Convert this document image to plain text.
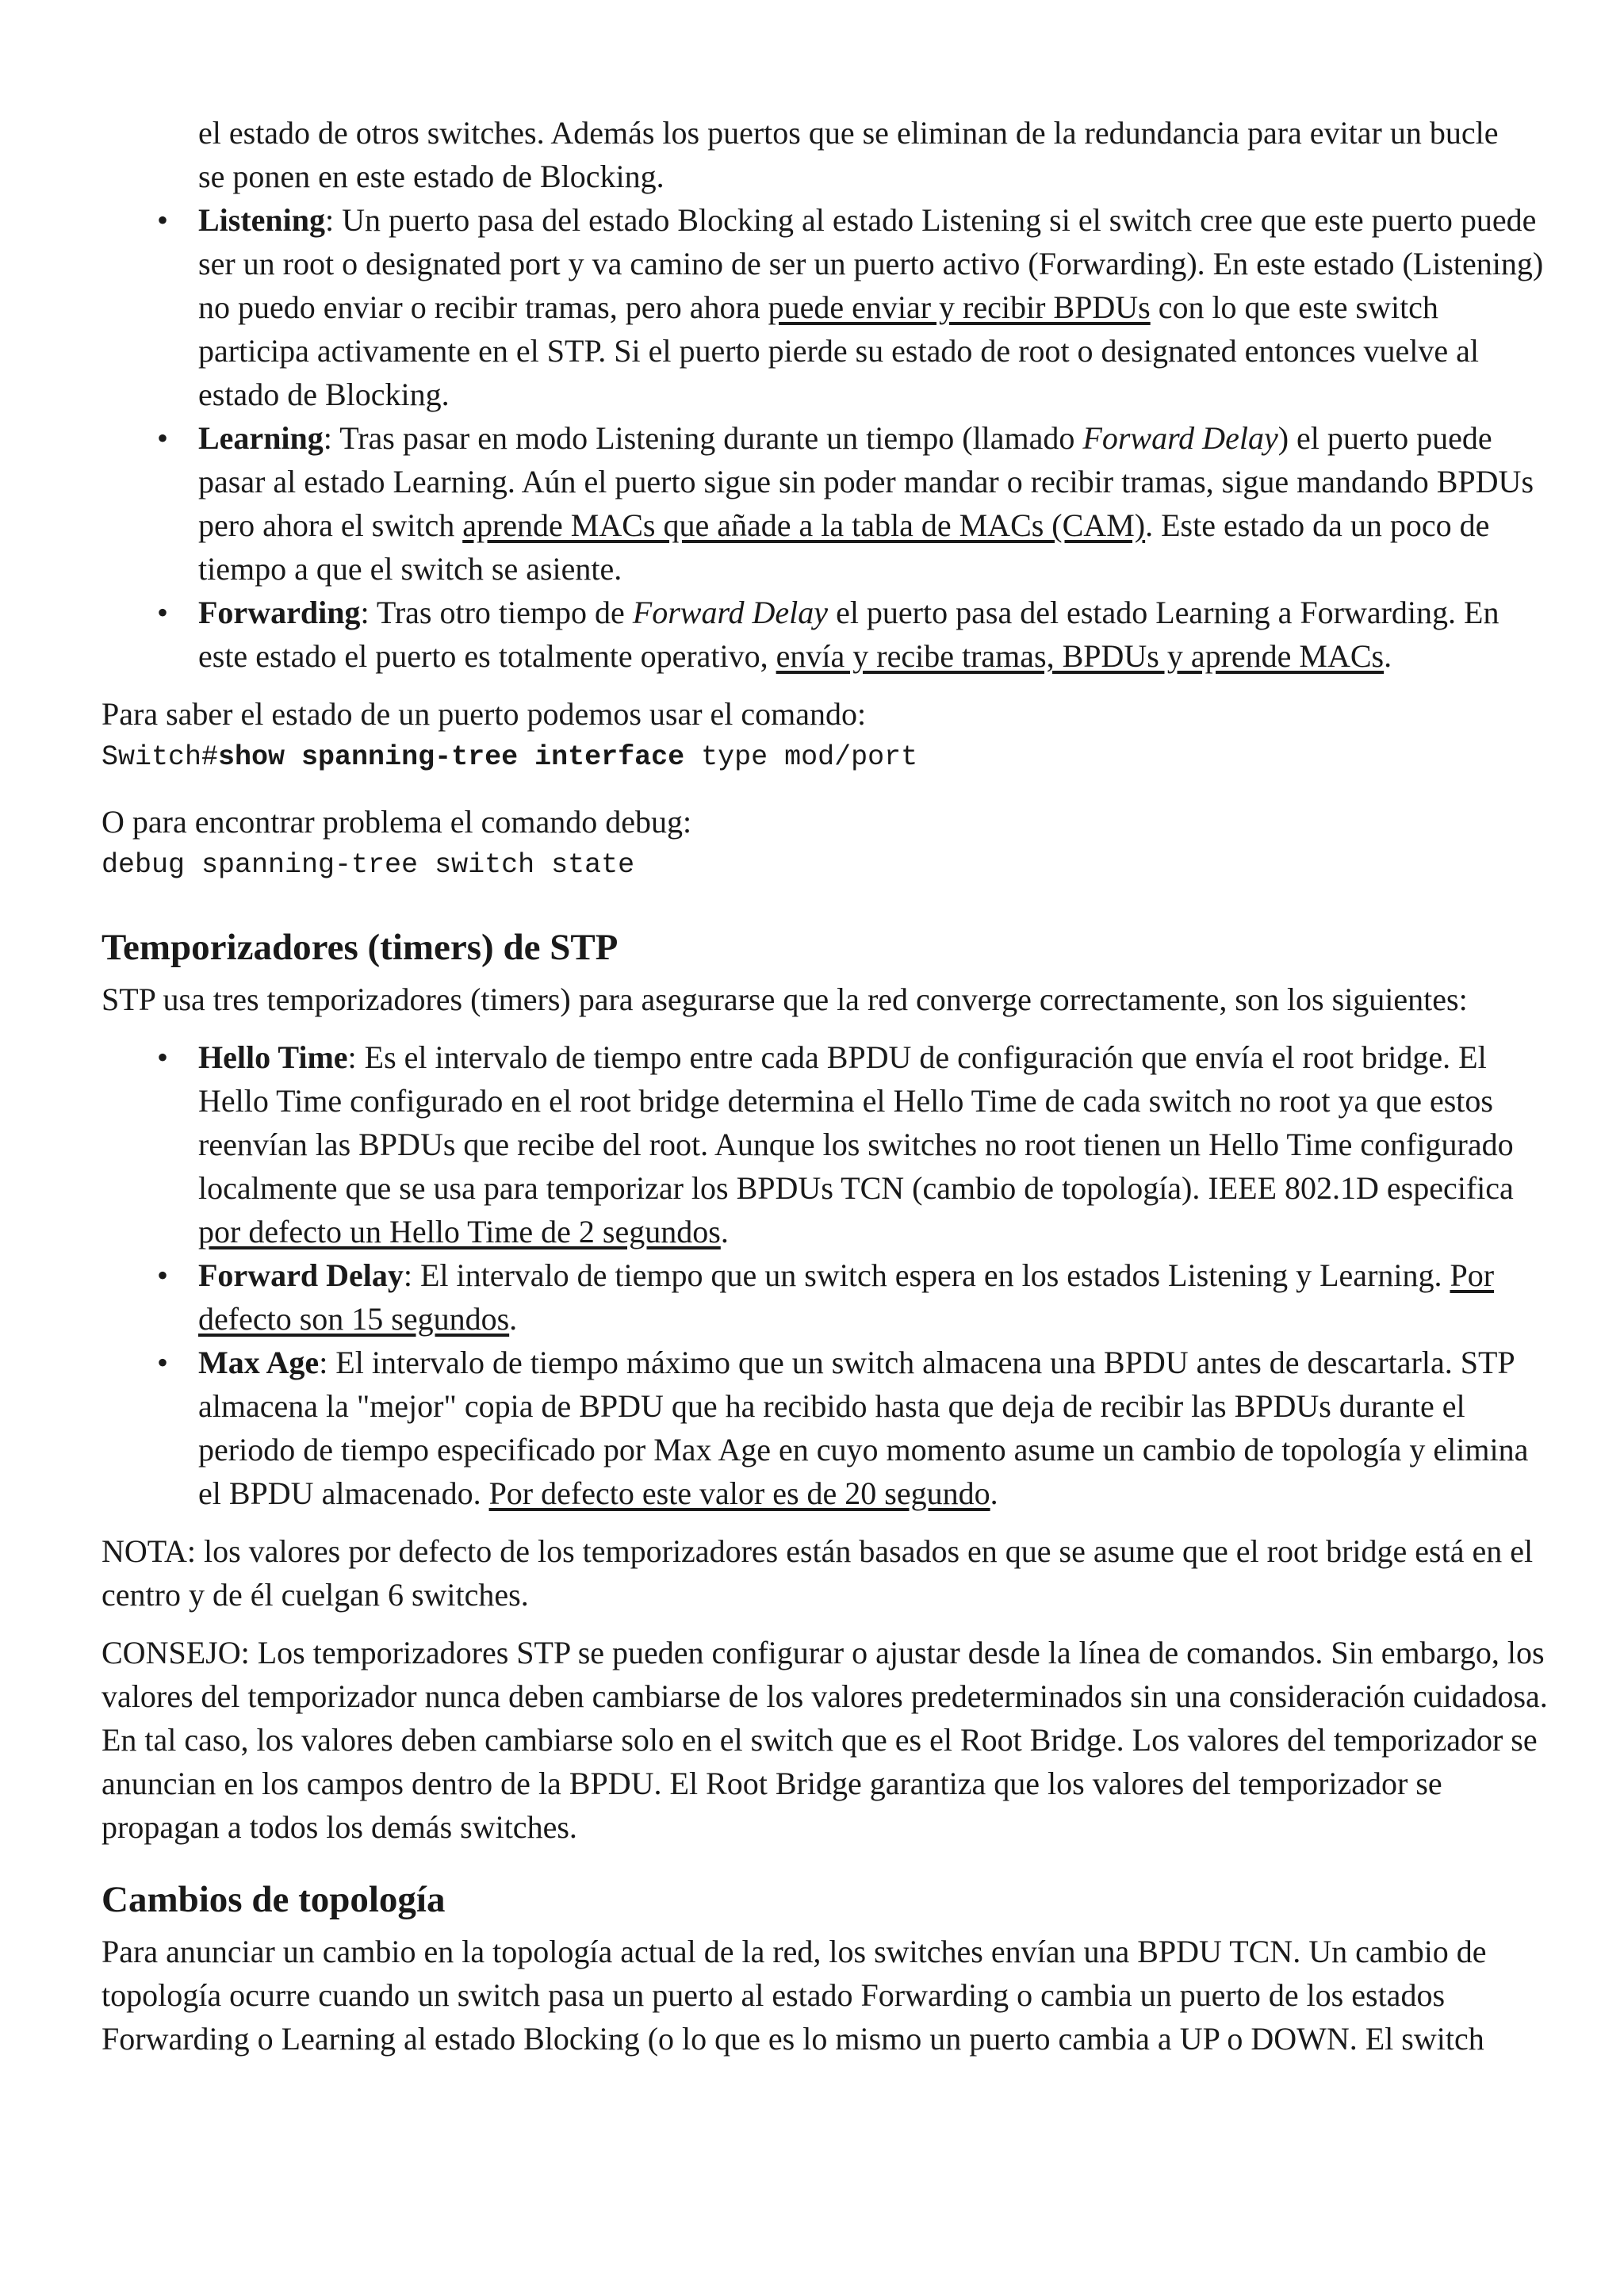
el estado de otros switches. Además los puertos que se eliminan de la redundancia para evitar un bucle
se ponen en este estado de Blocking.

• Listening: Un puerto pasa del estado Blocking al estado Listening si el switch cree que este puerto puede ser un root o designated port y va camino de ser un puerto activo (Forwarding). En este estado (Listening) no puedo enviar o recibir tramas, pero ahora puede enviar y recibir BPDUs con lo que este switch participa activamente en el STP. Si el puerto pierde su estado de root o designated entonces vuelve al estado de Blocking.
• Learning: Tras pasar en modo Listening durante un tiempo (llamado Forward Delay) el puerto puede pasar al estado Learning. Aún el puerto sigue sin poder mandar o recibir tramas, sigue mandando BPDUs pero ahora el switch aprende MACs que añade a la tabla de MACs (CAM). Este estado da un poco de tiempo a que el switch se asiente.
• Forwarding: Tras otro tiempo de Forward Delay el puerto pasa del estado Learning a Forwarding. En este estado el puerto es totalmente operativo, envía y recibe tramas, BPDUs y aprende MACs.

Para saber el estado de un puerto podemos usar el comando:

Switch#show spanning-tree interface type mod/port

O para encontrar problema el comando debug:

debug spanning-tree switch state
Temporizadores (timers) de STP

STP usa tres temporizadores (timers) para asegurarse que la red converge correctamente, son los siguientes:

• Hello Time: Es el intervalo de tiempo entre cada BPDU de configuración que envía el root bridge. El Hello Time configurado en el root bridge determina el Hello Time de cada switch no root ya que estos reenvían las BPDUs que recibe del root. Aunque los switches no root tienen un Hello Time configurado localmente que se usa para temporizar los BPDUs TCN (cambio de topología). IEEE 802.1D especifica por defecto un Hello Time de 2 segundos.
• Forward Delay: El intervalo de tiempo que un switch espera en los estados Listening y Learning. Por defecto son 15 segundos.
• Max Age: El intervalo de tiempo máximo que un switch almacena una BPDU antes de descartarla. STP almacena la "mejor" copia de BPDU que ha recibido hasta que deja de recibir las BPDUs durante el periodo de tiempo especificado por Max Age en cuyo momento asume un cambio de topología y elimina el BPDU almacenado. Por defecto este valor es de 20 segundo.

NOTA: los valores por defecto de los temporizadores están basados en que se asume que el root bridge está en el centro y de él cuelgan 6 switches.

CONSEJO: Los temporizadores STP se pueden configurar o ajustar desde la línea de comandos. Sin embargo, los valores del temporizador nunca deben cambiarse de los valores predeterminados sin una consideración cuidadosa. En tal caso, los valores deben cambiarse solo en el switch que es el Root Bridge. Los valores del temporizador se anuncian en los campos dentro de la BPDU. El Root Bridge garantiza que los valores del temporizador se propagan a todos los demás switches.

Cambios de topología

Para anunciar un cambio en la topología actual de la red, los switches envían una BPDU TCN. Un cambio de topología ocurre cuando un switch pasa un puerto al estado Forwarding o cambia un puerto de los estados Forwarding o Learning al estado Blocking (o lo que es lo mismo un puerto cambia a UP o DOWN. El switch
